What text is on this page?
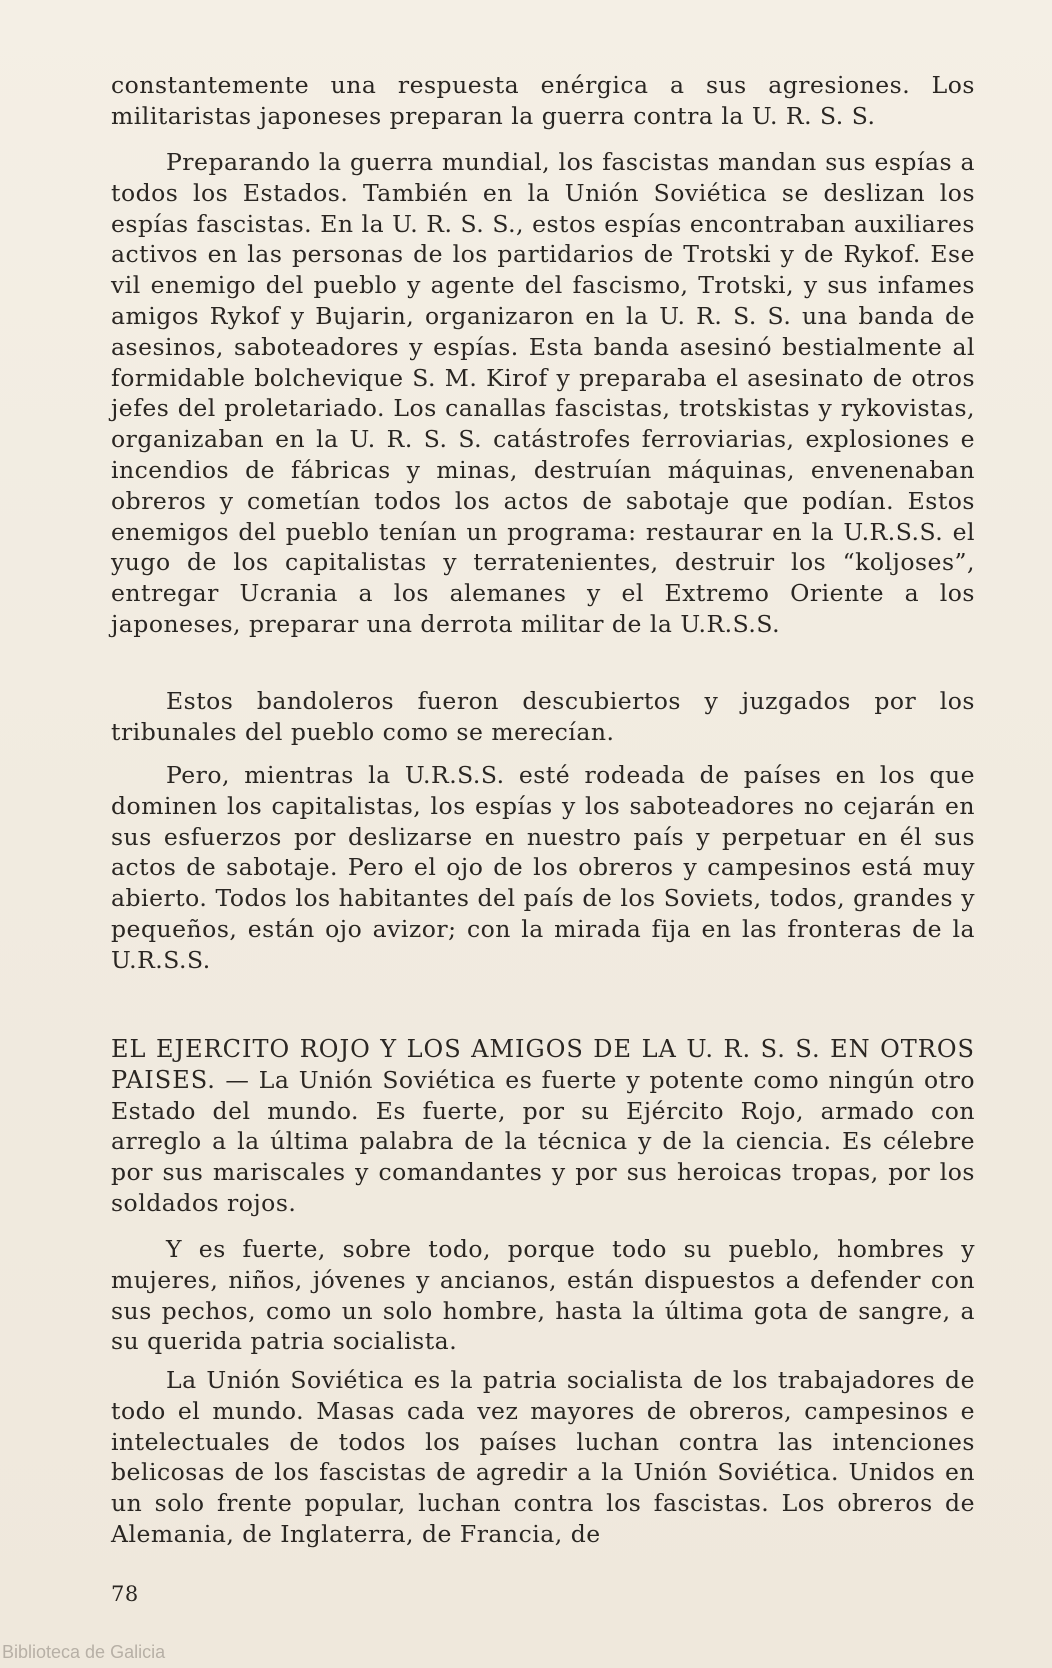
constantemente una respuesta enérgica a sus agresiones. Los militaristas japoneses preparan la guerra contra la U. R. S. S.

Preparando la guerra mundial, los fascistas mandan sus espías a todos los Estados. También en la Unión Soviética se deslizan los espías fascistas. En la U. R. S. S., estos espías encontraban auxiliares activos en las personas de los partidarios de Trotski y de Rykof. Ese vil enemigo del pueblo y agente del fascismo, Trotski, y sus infames amigos Rykof y Bujarin, organizaron en la U. R. S. S. una banda de asesinos, saboteadores y espías. Esta banda asesinó bestialmente al formidable bolchevique S. M. Kirof y preparaba el asesinato de otros jefes del proletariado. Los canallas fascistas, trotskistas y rykovistas, organizaban en la U. R. S. S. catástrofes ferroviarias, explosiones e incendios de fábricas y minas, destruían máquinas, envenenaban obreros y cometían todos los actos de sabotaje que podían. Estos enemigos del pueblo tenían un programa: restaurar en la U.R.S.S. el yugo de los capitalistas y terratenientes, destruir los “koljoses”, entregar Ucrania a los alemanes y el Extremo Oriente a los japoneses, preparar una derrota militar de la U.R.S.S.

Estos bandoleros fueron descubiertos y juzgados por los tribunales del pueblo como se merecían.

Pero, mientras la U.R.S.S. esté rodeada de países en los que dominen los capitalistas, los espías y los saboteadores no cejarán en sus esfuerzos por deslizarse en nuestro país y perpetuar en él sus actos de sabotaje. Pero el ojo de los obreros y campesinos está muy abierto. Todos los habitantes del país de los Soviets, todos, grandes y pequeños, están ojo avizor; con la mirada fija en las fronteras de la U.R.S.S.

EL EJERCITO ROJO Y LOS AMIGOS DE LA U. R. S. S. EN OTROS PAISES. — La Unión Soviética es fuerte y potente como ningún otro Estado del mundo. Es fuerte, por su Ejército Rojo, armado con arreglo a la última palabra de la técnica y de la ciencia. Es célebre por sus mariscales y comandantes y por sus heroicas tropas, por los soldados rojos.

Y es fuerte, sobre todo, porque todo su pueblo, hombres y mujeres, niños, jóvenes y ancianos, están dispuestos a defender con sus pechos, como un solo hombre, hasta la última gota de sangre, a su querida patria socialista.

La Unión Soviética es la patria socialista de los trabajadores de todo el mundo. Masas cada vez mayores de obreros, campesinos e intelectuales de todos los países luchan contra las intenciones belicosas de los fascistas de agredir a la Unión Soviética. Unidos en un solo frente popular, luchan contra los fascistas. Los obreros de Alemania, de Inglaterra, de Francia, de

78
Biblioteca de Galicia
